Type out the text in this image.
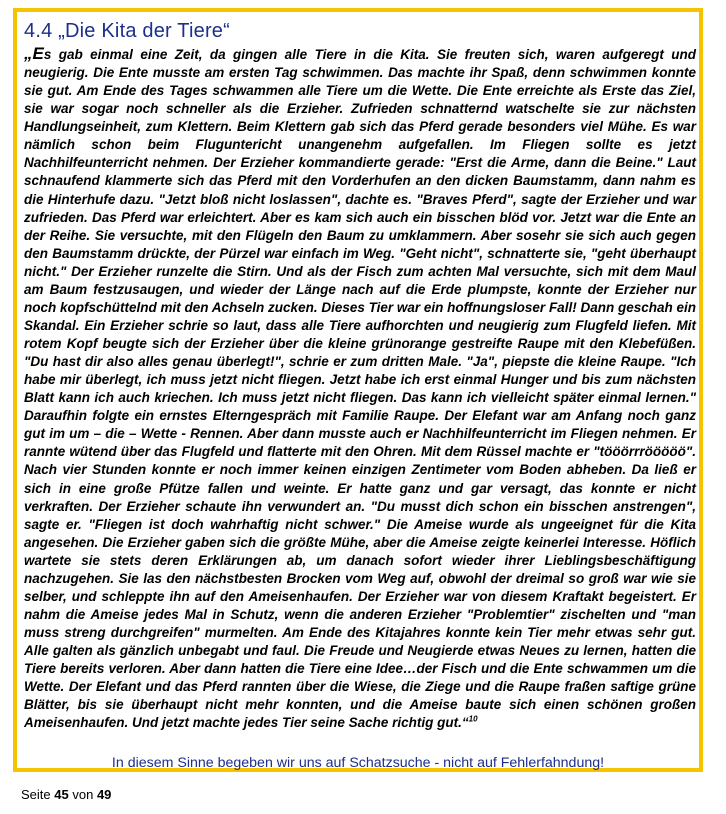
4.4 „Die Kita der Tiere“

„Es gab einmal eine Zeit, da gingen alle Tiere in die Kita. Sie freuten sich, waren aufgeregt und neugierig. Die Ente musste am ersten Tag schwimmen. Das machte ihr Spaß, denn schwimmen konnte sie gut. Am Ende des Tages schwammen alle Tiere um die Wette. Die Ente erreichte als Erste das Ziel, sie war sogar noch schneller als die Erzieher. Zufrieden schnatternd watschelte sie zur nächsten Handlungseinheit, zum Klettern. Beim Klettern gab sich das Pferd gerade besonders viel Mühe. Es war nämlich schon beim Fluguntericht unangenehm aufgefallen. Im Fliegen sollte es jetzt Nachhilfeunterricht nehmen. Der Erzieher kommandierte gerade: "Erst die Arme, dann die Beine." Laut schnaufend klammerte sich das Pferd mit den Vorderhufen an den dicken Baumstamm, dann nahm es die Hinterhufe dazu. "Jetzt bloß nicht loslassen", dachte es. "Braves Pferd", sagte der Erzieher und war zufrieden. Das Pferd war erleichtert. Aber es kam sich auch ein bisschen blöd vor. Jetzt war die Ente an der Reihe. Sie versuchte, mit den Flügeln den Baum zu umklammern. Aber sosehr sie sich auch gegen den Baumstamm drückte, der Pürzel war einfach im Weg. "Geht nicht", schnatterte sie, "geht überhaupt nicht." Der Erzieher runzelte die Stirn. Und als der Fisch zum achten Mal versuchte, sich mit dem Maul am Baum festzusaugen, und wieder der Länge nach auf die Erde plumpste, konnte der Erzieher nur noch kopfschüttelnd mit den Achseln zucken. Dieses Tier war ein hoffnungsloser Fall! Dann geschah ein Skandal. Ein Erzieher schrie so laut, dass alle Tiere aufhorchten und neugierig zum Flugfeld liefen. Mit rotem Kopf beugte sich der Erzieher über die kleine grünorange gestreifte Raupe mit den Klebefüßen. "Du hast dir also alles genau überlegt!", schrie er zum dritten Male. "Ja", piepste die kleine Raupe. "Ich habe mir überlegt, ich muss jetzt nicht fliegen. Jetzt habe ich erst einmal Hunger und bis zum nächsten Blatt kann ich auch kriechen. Ich muss jetzt nicht fliegen. Das kann ich vielleicht später einmal lernen." Daraufhin folgte ein ernstes Elterngespräch mit Familie Raupe. Der Elefant war am Anfang noch ganz gut im um – die – Wette - Rennen. Aber dann musste auch er Nachhilfeunterricht im Fliegen nehmen. Er rannte wütend über das Flugfeld und flatterte mit den Ohren. Mit dem Rüssel machte er "tööörrrööööö". Nach vier Stunden konnte er noch immer keinen einzigen Zentimeter vom Boden abheben. Da ließ er sich in eine große Pfütze fallen und weinte. Er hatte ganz und gar versagt, das konnte er nicht verkraften. Der Erzieher schaute ihn verwundert an. "Du musst dich schon ein bisschen anstrengen", sagte er. "Fliegen ist doch wahrhaftig nicht schwer." Die Ameise wurde als ungeeignet für die Kita angesehen. Die Erzieher gaben sich die größte Mühe, aber die Ameise zeigte keinerlei Interesse. Höflich wartete sie stets deren Erklärungen ab, um danach sofort wieder ihrer Lieblingsbeschäftigung nachzugehen. Sie las den nächstbesten Brocken vom Weg auf, obwohl der dreimal so groß war wie sie selber, und schleppte ihn auf den Ameisenhaufen. Der Erzieher war von diesem Kraftakt begeistert. Er nahm die Ameise jedes Mal in Schutz, wenn die anderen Erzieher "Problemtier" zischelten und "man muss streng durchgreifen" murmelten. Am Ende des Kitajahres konnte kein Tier mehr etwas sehr gut. Alle galten als gänzlich unbegabt und faul. Die Freude und Neugierde etwas Neues zu lernen, hatten die Tiere bereits verloren. Aber dann hatten die Tiere eine Idee…der Fisch und die Ente schwammen um die Wette. Der Elefant und das Pferd rannten über die Wiese, die Ziege und die Raupe fraßen saftige grüne Blätter, bis sie überhaupt nicht mehr konnten, und die Ameise baute sich einen schönen großen Ameisenhaufen. Und jetzt machte jedes Tier seine Sache richtig gut.“$^{10}$

In diesem Sinne begeben wir uns auf Schatzsuche - nicht auf Fehlerfahndung!

Seite 45 von 49
